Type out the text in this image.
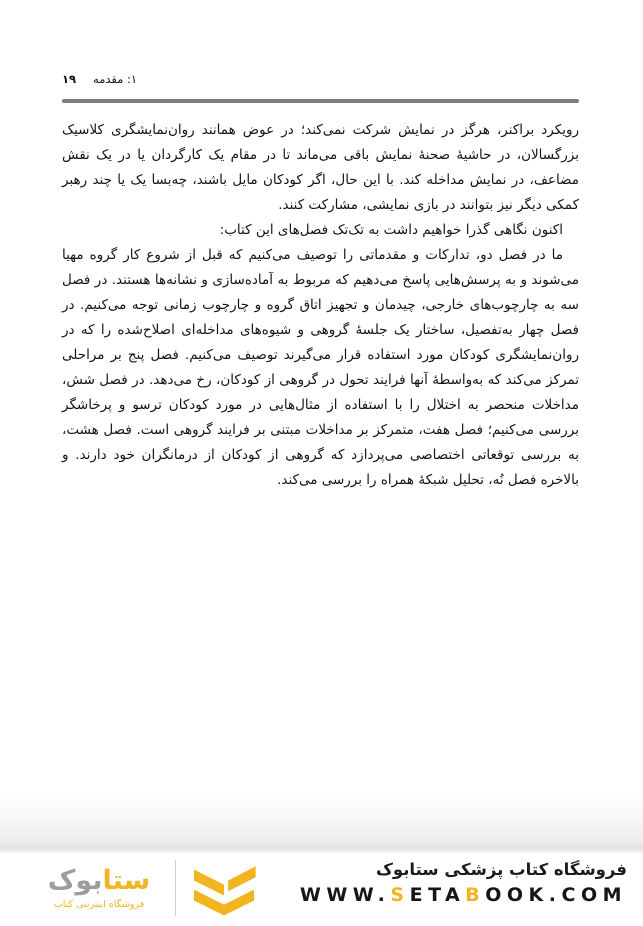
۱۹ ۱: مقدمه

رویکرد براکنر، هرگز در نمایش شرکت نمی‌کند؛ در عوض همانند روان‌نمایشگری کلاسیک بزرگسالان، در حاشیهٔ صحنهٔ نمایش باقی می‌ماند تا در مقام یک کارگردان یا در یک نقش مضاعف، در نمایش مداخله کند. با این حال، اگر کودکان مایل باشند، چه‌بسا یک یا چند رهبر کمکی دیگر نیز بتوانند در بازی نمایشی، مشارکت کنند.

اکنون نگاهی گذرا خواهیم داشت به تک‌تک فصل‌های این کتاب:

ما در فصل دو، تدارکات و مقدماتی را توصیف می‌کنیم که قبل از شروع کار گروه مهیا می‌شوند و به پرسش‌هایی پاسخ می‌دهیم که مربوط به آماده‌سازی و نشانه‌ها هستند. در فصل سه به چارچوب‌های خارجی، چیدمان و تجهیز اتاق گروه و چارچوب زمانی توجه می‌کنیم. در فصل چهار به‌تفصیل، ساختار یک جلسهٔ گروهی و شیوه‌های مداخله‌ای اصلاح‌شده را که در روان‌نمایشگری کودکان مورد استفاده قرار می‌گیرند توصیف می‌کنیم. فصل پنج بر مراحلی تمرکز می‌کند که به‌واسطهٔ آنها فرایند تحول در گروهی از کودکان، رخ می‌دهد. در فصل شش، مداخلات منحصر به اختلال را با استفاده از مثال‌هایی در مورد کودکان ترسو و پرخاشگر بررسی می‌کنیم؛ فصل هفت، متمرکز بر مداخلات مبتنی بر فرایند گروهی است. فصل هشت، به بررسی توقعاتی اختصاصی می‌پردازد که گروهی از کودکان از درمانگران خود دارند. و بالاخره فصل نُه، تحلیل شبکهٔ همراه را بررسی می‌کند.

ستابوک
فروشگاه اینترنتی کتاب
فروشگاه کتاب پزشکی ستابوک
WWW.SETABOOK.COM
